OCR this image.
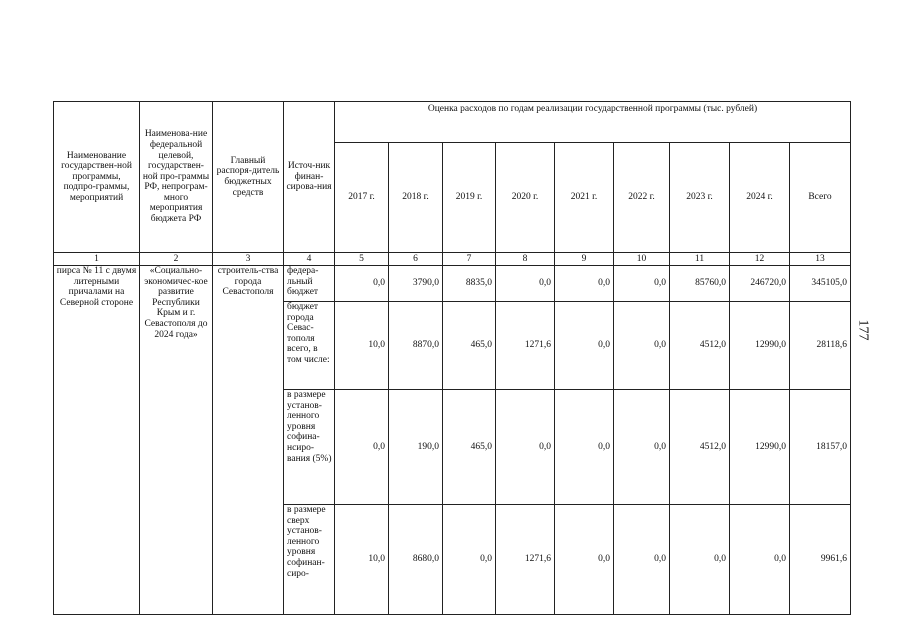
Наименование государствен-ной программы, подпро-граммы, мероприятий	Наименова-ние федеральной целевой, государствен-ной про-граммы РФ, непрограм-много мероприятия бюджета РФ	Главный распоря-дитель бюджетных средств	Источ-ник финан-сирова-ния	Оценка расходов по годам реализации государственной программы (тыс. рублей)								
				2017 г.	2018 г.	2019 г.	2020 г.	2021 г.	2022 г.	2023 г.	2024 г.	Всего
1	2	3	4	5	6	7	8	9	10	11	12	13
пирса № 11 с двумя литерными причалами на Северной стороне	«Социально-экономичес-кое развитие Республики Крым и г. Севастополя до 2024 года»	строитель-ства города Севастополя	федера-льный бюджет	0,0	3790,0	8835,0	0,0	0,0	0,0	85760,0	246720,0	345105,0
			бюджет города Севас-тополя всего, в том числе:	10,0	8870,0	465,0	1271,6	0,0	0,0	4512,0	12990,0	28118,6
			в размере установ-ленного уровня софина-нсиро-вания (5%)	0,0	190,0	465,0	0,0	0,0	0,0	4512,0	12990,0	18157,0
			в размере сверх установ-ленного уровня софинан-сиро-	10,0	8680,0	0,0	1271,6	0,0	0,0	0,0	0,0	9961,6
177
